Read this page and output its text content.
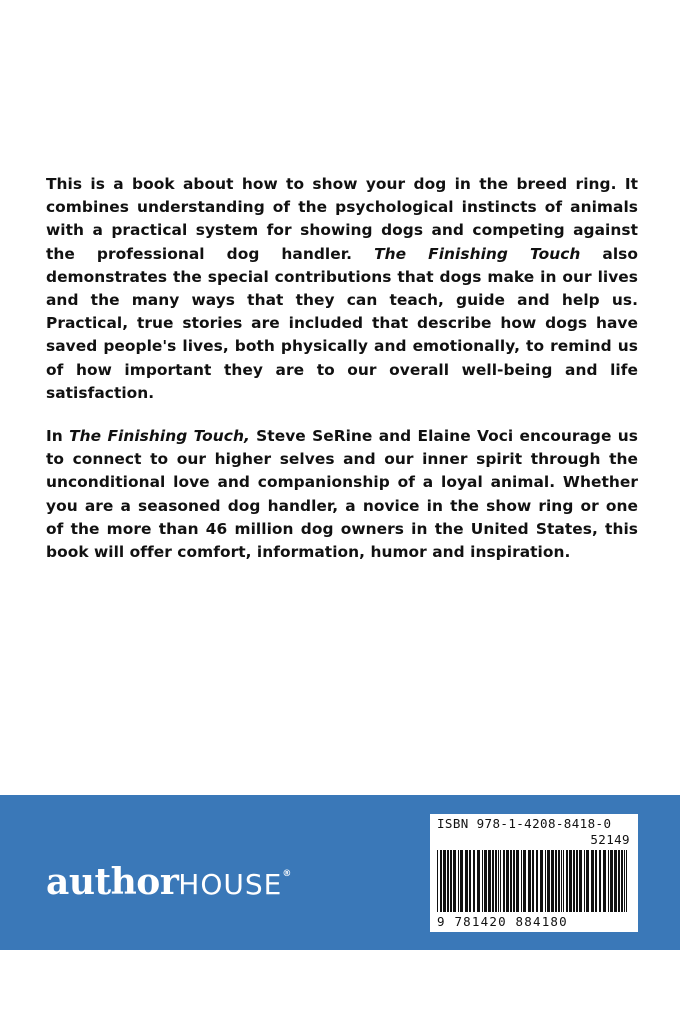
This is a book about how to show your dog in the breed ring. It combines understanding of the psychological instincts of animals with a practical system for showing dogs and competing against the professional dog handler. The Finishing Touch also demonstrates the special contributions that dogs make in our lives and the many ways that they can teach, guide and help us. Practical, true stories are included that describe how dogs have saved people's lives, both physically and emotionally, to remind us of how important they are to our overall well-being and life satisfaction.

In The Finishing Touch, Steve SeRine and Elaine Voci encourage us to connect to our higher selves and our inner spirit through the unconditional love and companionship of a loyal animal. Whether you are a seasoned dog handler, a novice in the show ring or one of the more than 46 million dog owners in the United States, this book will offer comfort, information, humor and inspiration.

authorHOUSE®
ISBN 978-1-4208-8418-0
52149
9 781420 884180
